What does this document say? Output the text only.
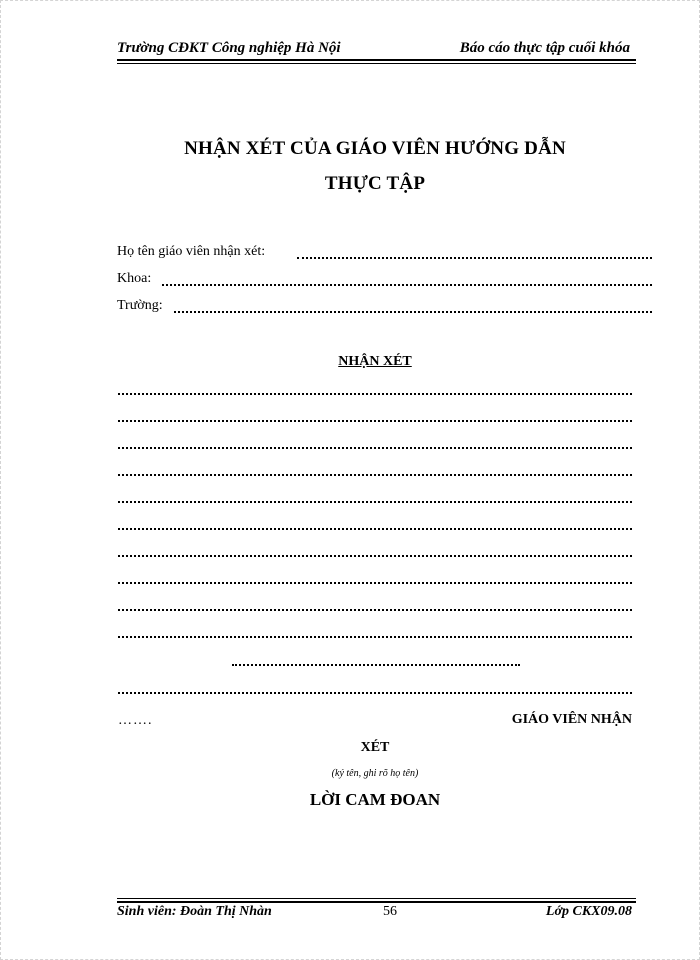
Trường CĐKT Công nghiệp Hà Nội	Báo cáo thực tập cuối khóa
NHẬN XÉT CỦA GIÁO VIÊN HƯỚNG DẪN
THỰC TẬP
Họ tên giáo viên nhận xét:
Khoa:
Trường:
NHẬN XÉT
…….	GIÁO VIÊN NHẬN
XÉT
(ký tên, ghi rõ họ tên)
LỜI CAM ĐOAN
Sinh viên: Đoàn Thị Nhàn	56	Lớp CKX09.08
